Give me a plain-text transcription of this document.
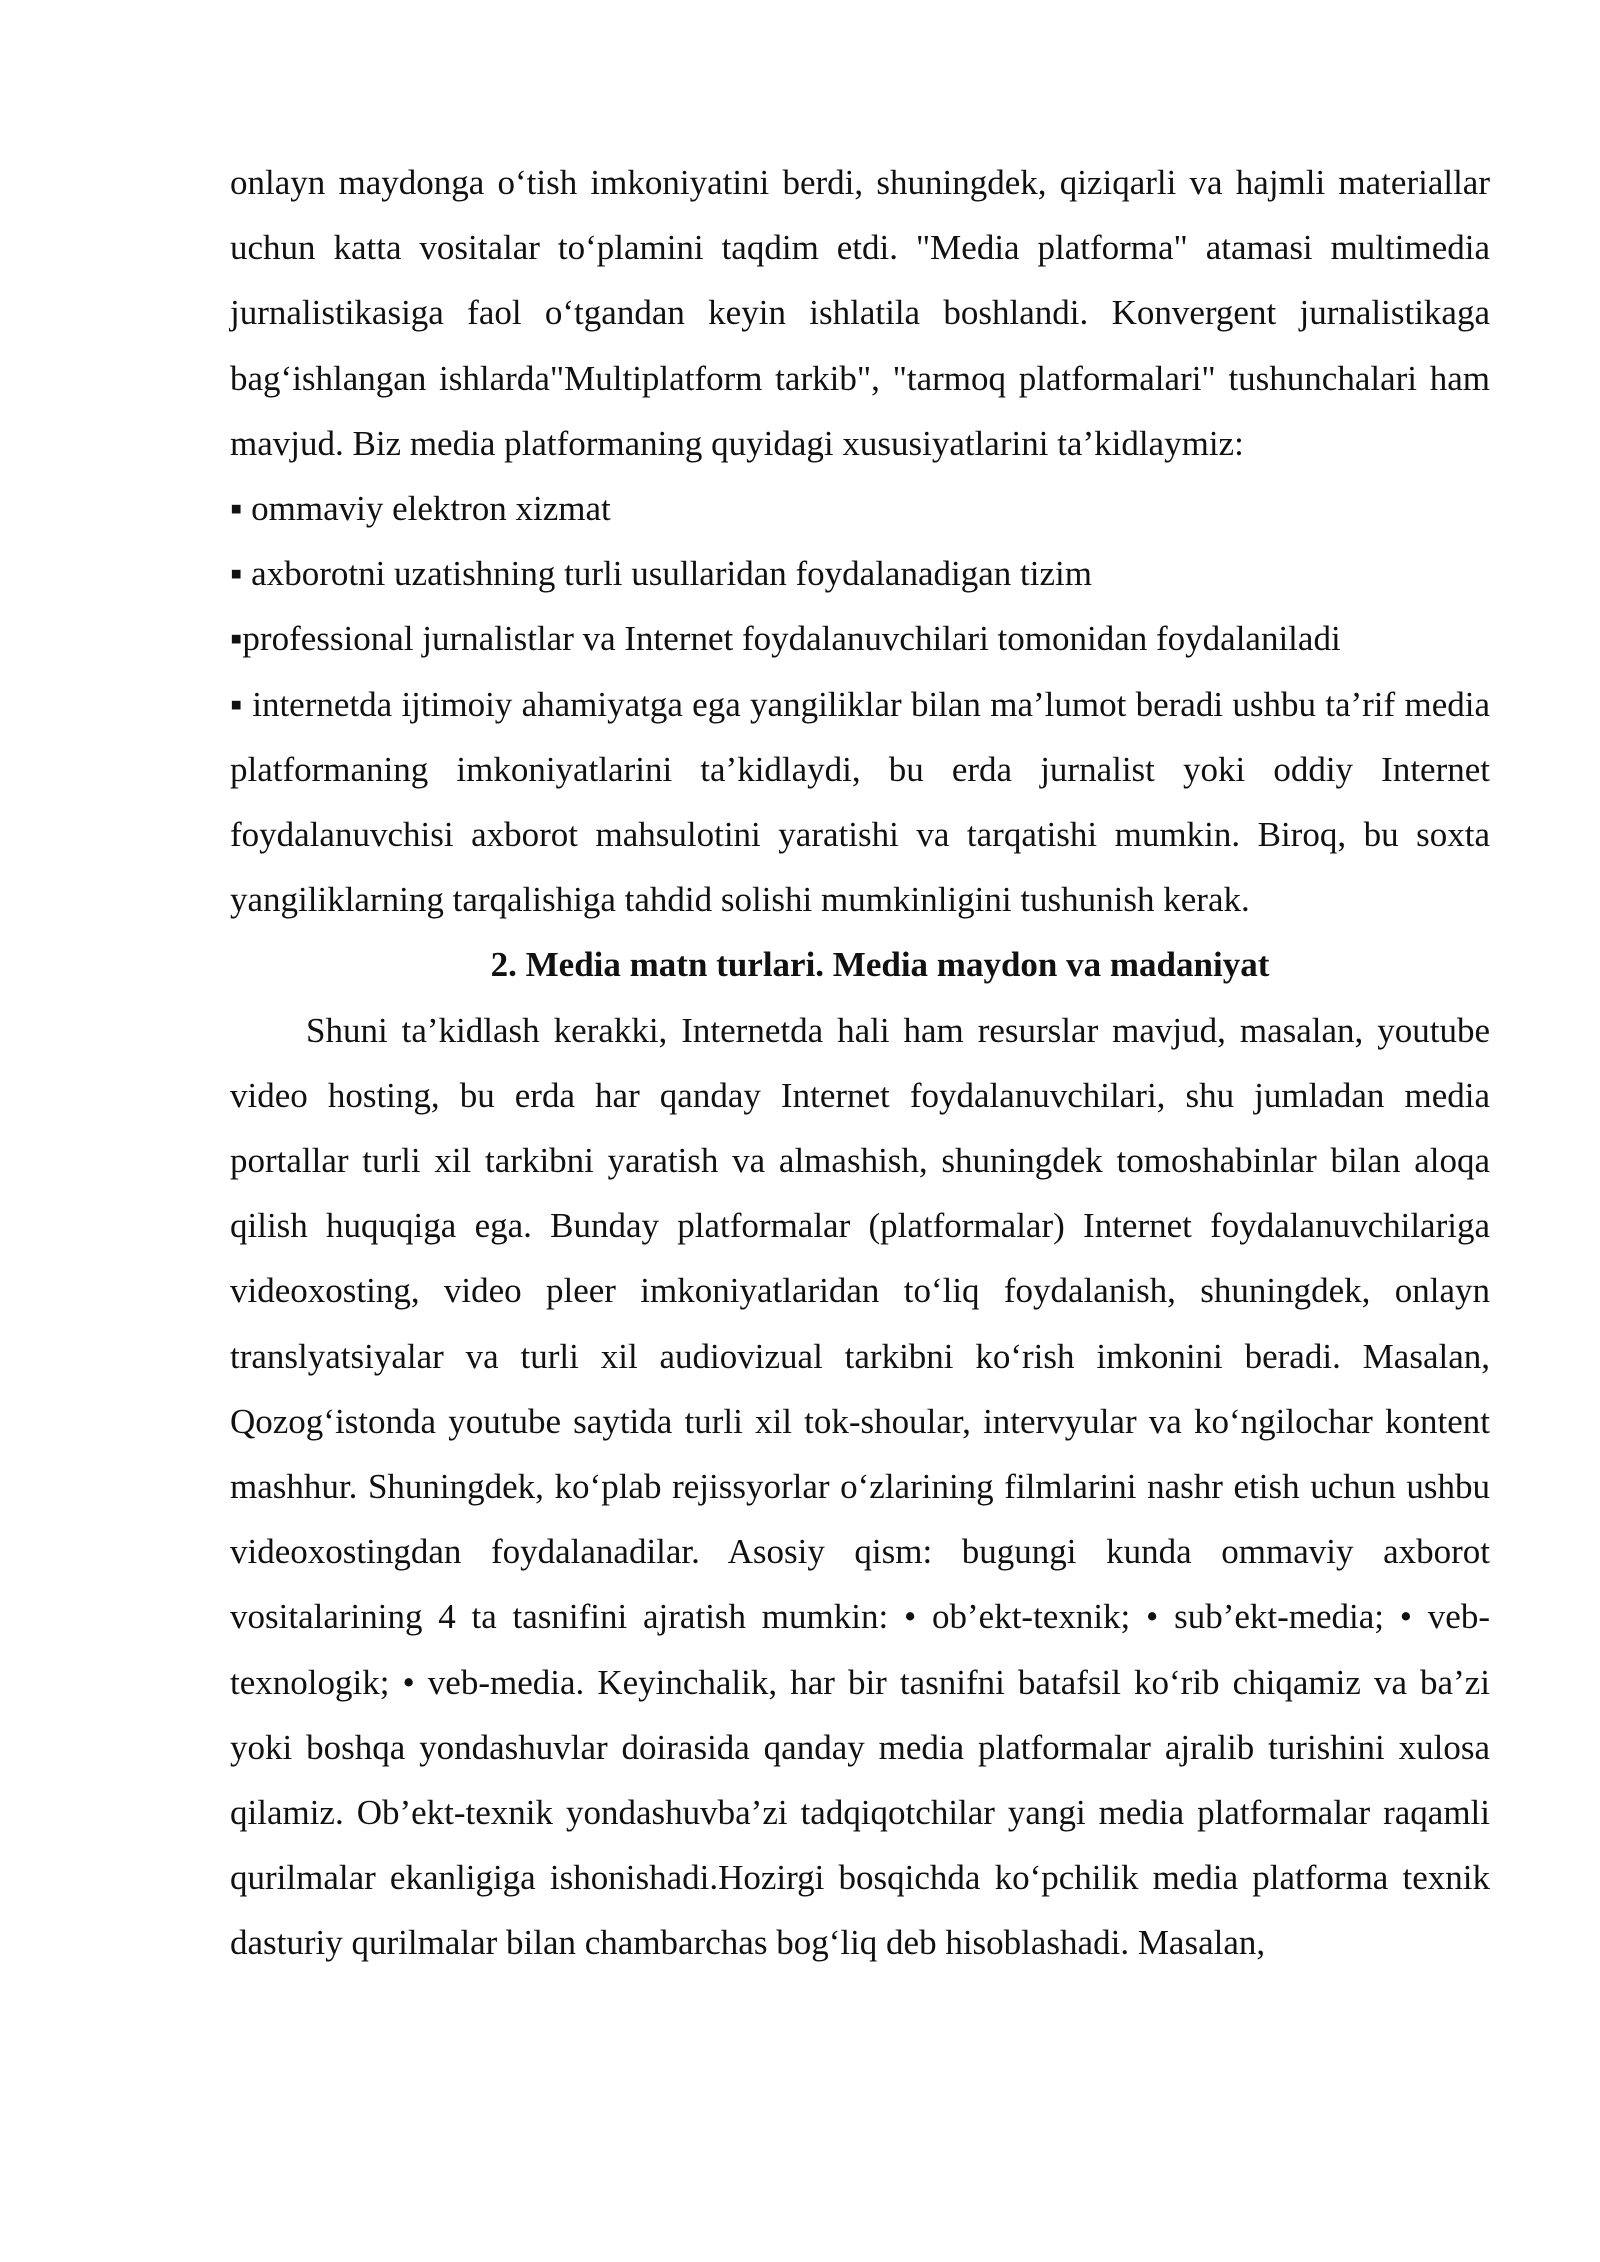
onlayn maydonga o‘tish imkoniyatini berdi, shuningdek, qiziqarli va hajmli materiallar uchun katta vositalar to‘plamini taqdim etdi. "Media platforma" atamasi multimedia jurnalistikasiga faol o‘tgandan keyin ishlatila boshlandi. Konvergent jurnalistikaga bag‘ishlangan ishlarda"Multiplatform tarkib", "tarmoq platformalari" tushunchalari ham mavjud. Biz media platformaning quyidagi xususiyatlarini ta’kidlaymiz:

▪ ommaviy elektron xizmat

▪ axborotni uzatishning turli usullaridan foydalanadigan tizim

▪professional jurnalistlar va Internet foydalanuvchilari tomonidan foydalaniladi

▪ internetda ijtimoiy ahamiyatga ega yangiliklar bilan ma’lumot beradi ushbu ta’rif media platformaning imkoniyatlarini ta’kidlaydi, bu erda jurnalist yoki oddiy Internet foydalanuvchisi axborot mahsulotini yaratishi va tarqatishi mumkin. Biroq, bu soxta yangiliklarning tarqalishiga tahdid solishi mumkinligini tushunish kerak.

2. Media matn turlari. Media maydon va madaniyat

Shuni ta’kidlash kerakki, Internetda hali ham resurslar mavjud, masalan, youtube video hosting, bu erda har qanday Internet foydalanuvchilari, shu jumladan media portallar turli xil tarkibni yaratish va almashish, shuningdek tomoshabinlar bilan aloqa qilish huquqiga ega. Bunday platformalar (platformalar) Internet foydalanuvchilariga videoxosting, video pleer imkoniyatlaridan to‘liq foydalanish, shuningdek, onlayn translyatsiyalar va turli xil audiovizual tarkibni ko‘rish imkonini beradi. Masalan, Qozog‘istonda youtube saytida turli xil tok-shoular, intervyular va ko‘ngilochar kontent mashhur. Shuningdek, ko‘plab rejissyorlar o‘zlarining filmlarini nashr etish uchun ushbu videoxostingdan foydalanadilar. Asosiy qism: bugungi kunda ommaviy axborot vositalarining 4 ta tasnifini ajratish mumkin: • ob’ekt-texnik; • sub’ekt-media; • veb-texnologik; • veb-media. Keyinchalik, har bir tasnifni batafsil ko‘rib chiqamiz va ba’zi yoki boshqa yondashuvlar doirasida qanday media platformalar ajralib turishini xulosa qilamiz. Ob’ekt-texnik yondashuvba’zi tadqiqotchilar yangi media platformalar raqamli qurilmalar ekanligiga ishonishadi.Hozirgi bosqichda ko‘pchilik media platforma texnik dasturiy qurilmalar bilan chambarchas bog‘liq deb hisoblashadi. Masalan,
